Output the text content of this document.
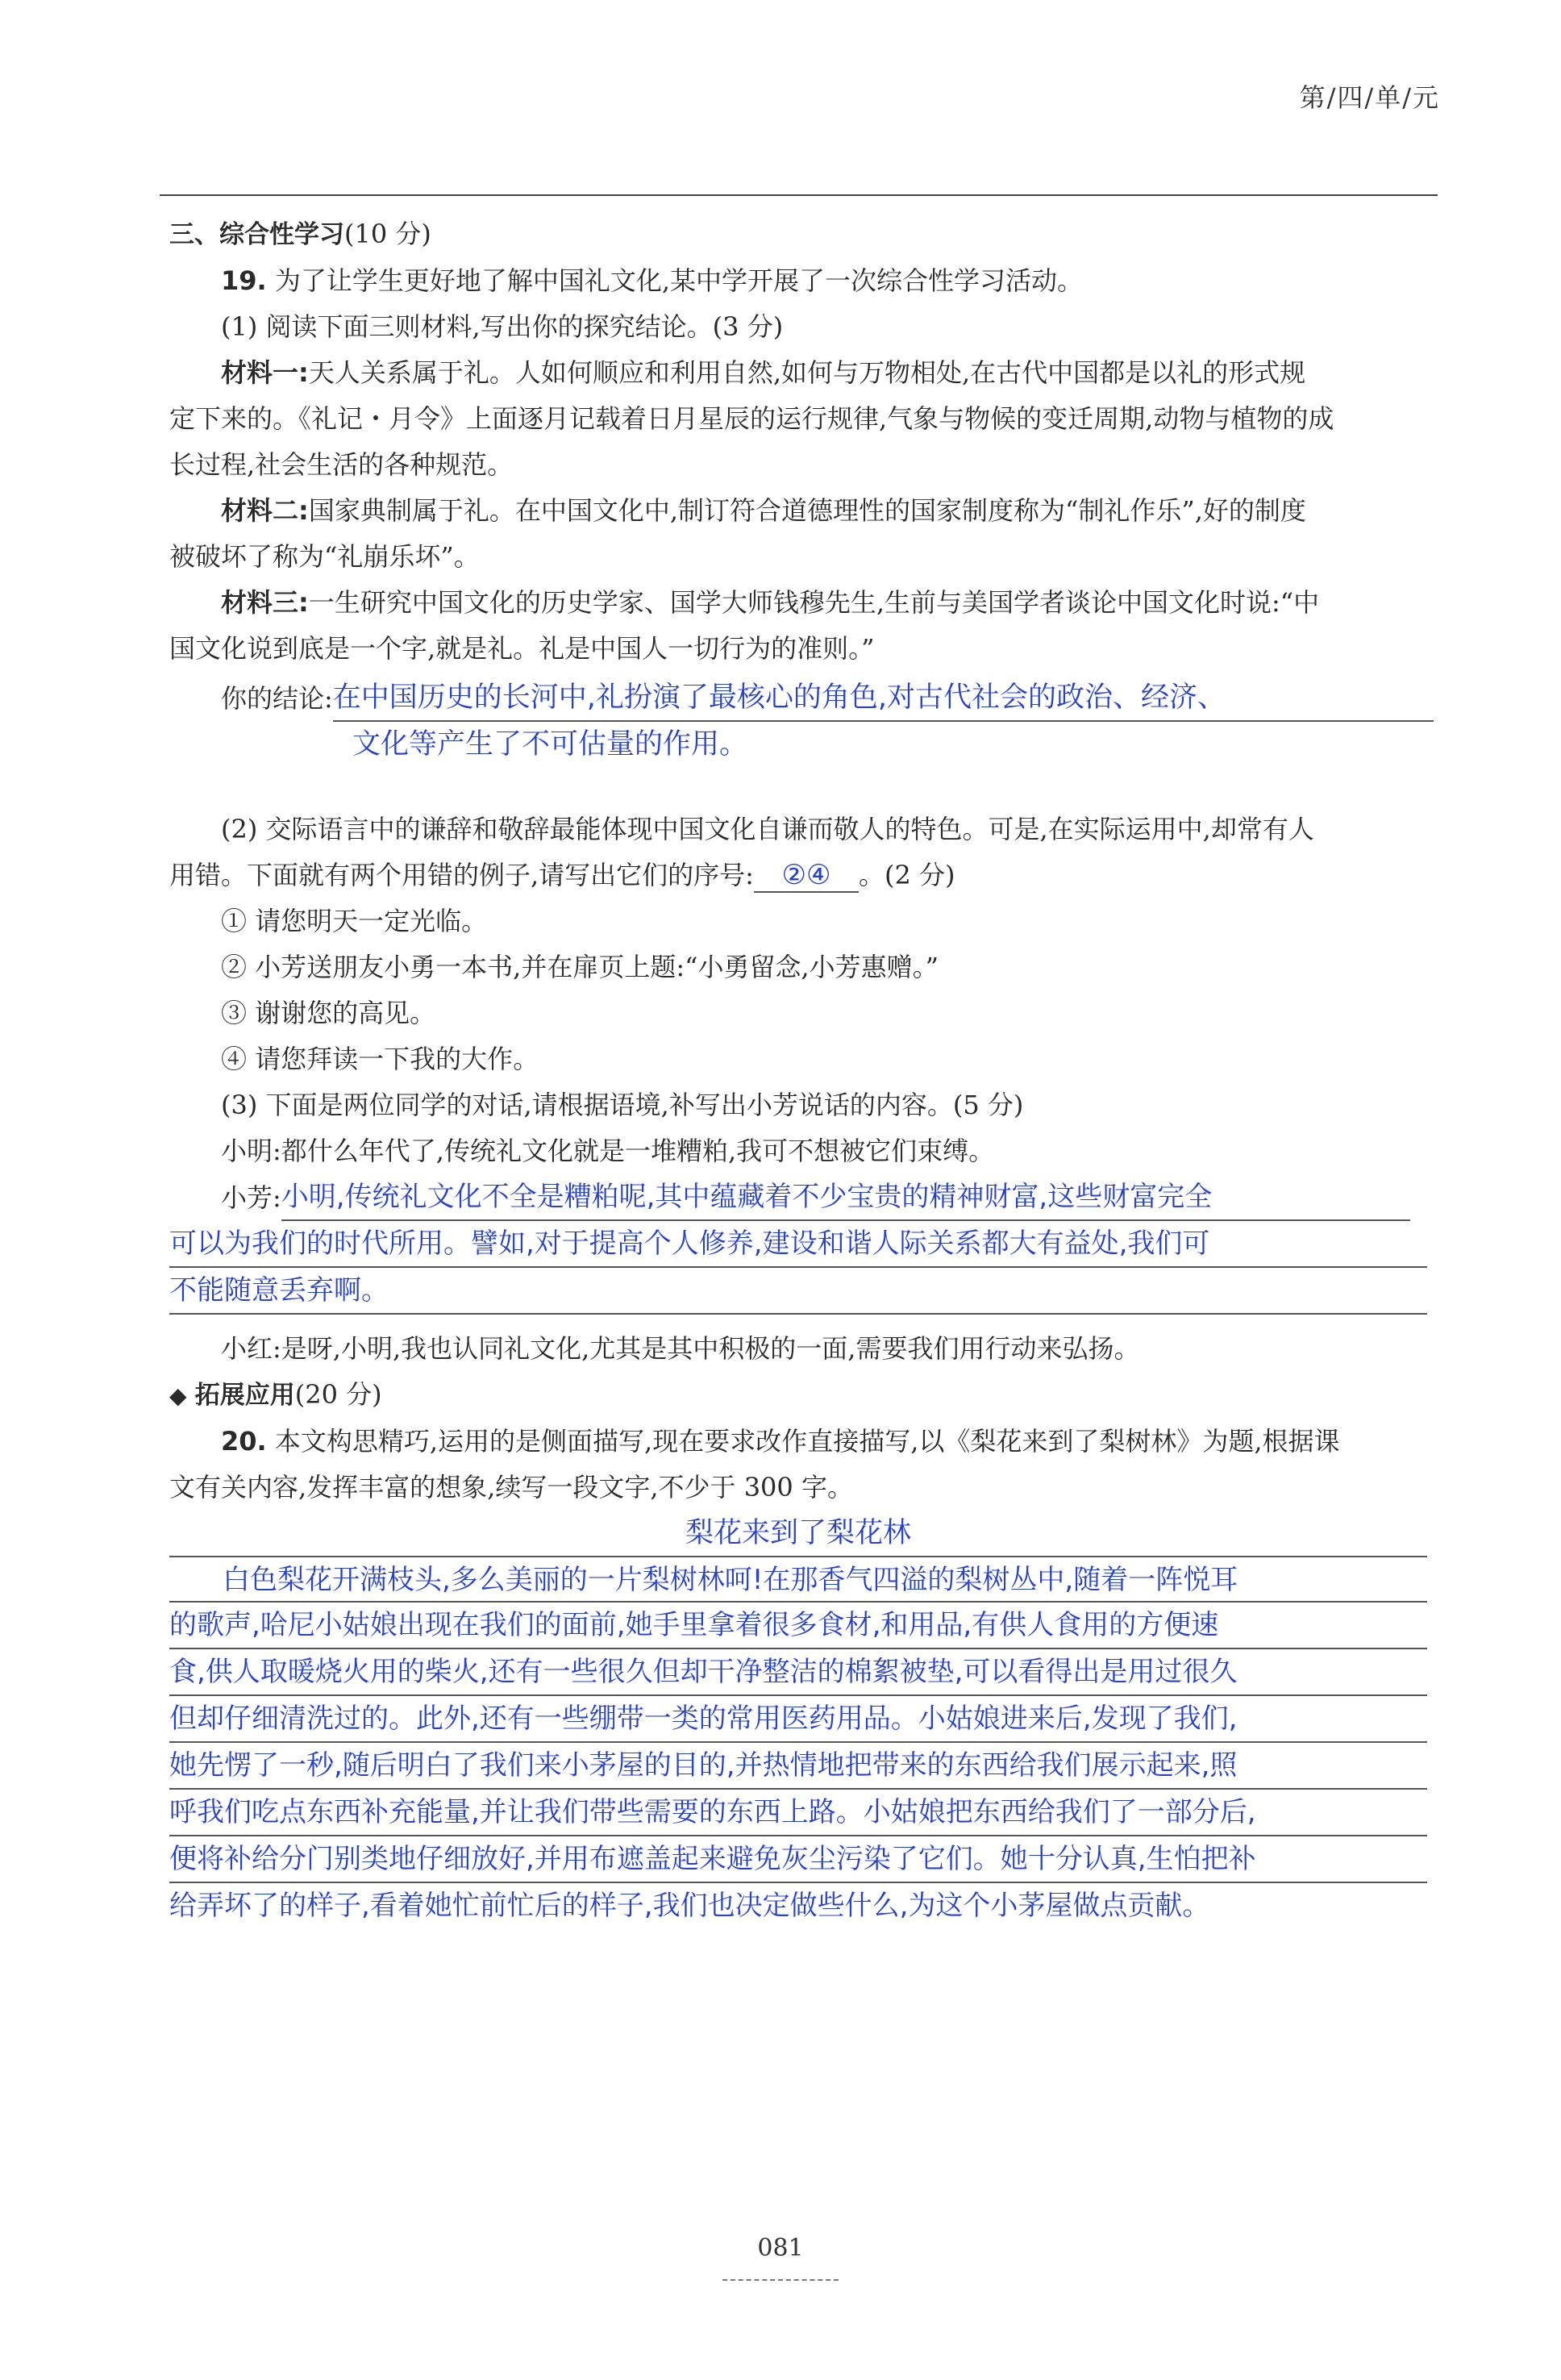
第/四/单/元
三、综合性学习(10 分)
19. 为了让学生更好地了解中国礼文化,某中学开展了一次综合性学习活动。
(1) 阅读下面三则材料,写出你的探究结论。(3 分)
材料一:天人关系属于礼。人如何顺应和利用自然,如何与万物相处,在古代中国都是以礼的形式规
定下来的。《礼记・月令》上面逐月记载着日月星辰的运行规律,气象与物候的变迁周期,动物与植物的成
长过程,社会生活的各种规范。
材料二:国家典制属于礼。在中国文化中,制订符合道德理性的国家制度称为“制礼作乐”,好的制度
被破坏了称为“礼崩乐坏”。
材料三:一生研究中国文化的历史学家、国学大师钱穆先生,生前与美国学者谈论中国文化时说:“中
国文化说到底是一个字,就是礼。礼是中国人一切行为的准则。”
你的结论: 在中国历史的长河中,礼扮演了最核心的角色,对古代社会的政治、经济、
文化等产生了不可估量的作用。
(2) 交际语言中的谦辞和敬辞最能体现中国文化自谦而敬人的特色。可是,在实际运用中,却常有人
用错。下面就有两个用错的例子,请写出它们的序号: ②④ 。(2 分)
① 请您明天一定光临。
② 小芳送朋友小勇一本书,并在扉页上题:“小勇留念,小芳惠赠。”
③ 谢谢您的高见。
④ 请您拜读一下我的大作。
(3) 下面是两位同学的对话,请根据语境,补写出小芳说话的内容。(5 分)
小明:都什么年代了,传统礼文化就是一堆糟粕,我可不想被它们束缚。
小芳: 小明,传统礼文化不全是糟粕呢,其中蕴藏着不少宝贵的精神财富,这些财富完全
可以为我们的时代所用。譬如,对于提高个人修养,建设和谐人际关系都大有益处,我们可
不能随意丢弃啊。
小红:是呀,小明,我也认同礼文化,尤其是其中积极的一面,需要我们用行动来弘扬。
◆ 拓展应用(20 分)
20. 本文构思精巧,运用的是侧面描写,现在要求改作直接描写,以《梨花来到了梨树林》为题,根据课
文有关内容,发挥丰富的想象,续写一段文字,不少于 300 字。
梨花来到了梨花林
白色梨花开满枝头,多么美丽的一片梨树林呵!在那香气四溢的梨树丛中,随着一阵悦耳
的歌声,哈尼小姑娘出现在我们的面前,她手里拿着很多食材,和用品,有供人食用的方便速
食,供人取暖烧火用的柴火,还有一些很久但却干净整洁的棉絮被垫,可以看得出是用过很久
但却仔细清洗过的。此外,还有一些绷带一类的常用医药用品。小姑娘进来后,发现了我们,
她先愣了一秒,随后明白了我们来小茅屋的目的,并热情地把带来的东西给我们展示起来,照
呼我们吃点东西补充能量,并让我们带些需要的东西上路。小姑娘把东西给我们了一部分后,
便将补给分门别类地仔细放好,并用布遮盖起来避免灰尘污染了它们。她十分认真,生怕把补
给弄坏了的样子,看着她忙前忙后的样子,我们也决定做些什么,为这个小茅屋做点贡献。
081
